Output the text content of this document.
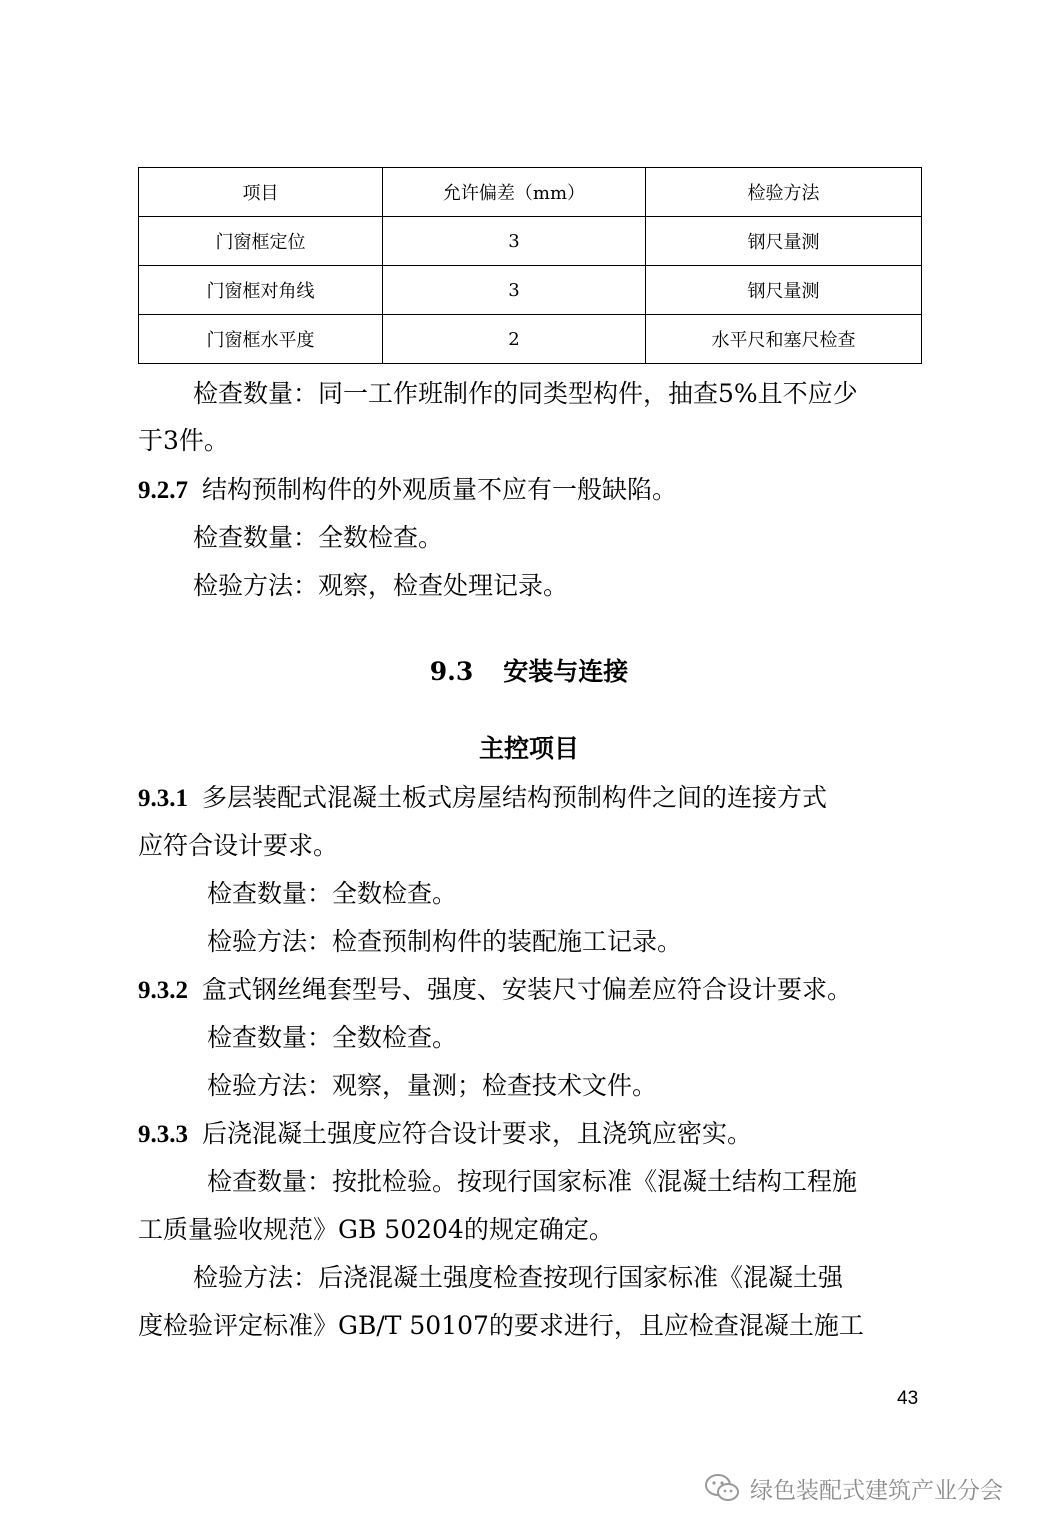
项目	允许偏差（mm）	检验方法
门窗框定位	3	钢尺量测
门窗框对角线	3	钢尺量测
门窗框水平度	2	水平尺和塞尺检查
检查数量：同一工作班制作的同类型构件，抽查5%且不应少
于3件。
9.2.7 结构预制构件的外观质量不应有一般缺陷。
检查数量：全数检查。
检验方法：观察，检查处理记录。
9.3 安装与连接
主控项目
9.3.1 多层装配式混凝土板式房屋结构预制构件之间的连接方式
应符合设计要求。
检查数量：全数检查。
检验方法：检查预制构件的装配施工记录。
9.3.2 盒式钢丝绳套型号、强度、安装尺寸偏差应符合设计要求。
检查数量：全数检查。
检验方法：观察，量测；检查技术文件。
9.3.3 后浇混凝土强度应符合设计要求，且浇筑应密实。
检查数量：按批检验。按现行国家标准《混凝土结构工程施
工质量验收规范》GB 50204的规定确定。
检验方法：后浇混凝土强度检查按现行国家标准《混凝土强
度检验评定标准》GB/T 50107的要求进行，且应检查混凝土施工
43
绿色装配式建筑产业分会
